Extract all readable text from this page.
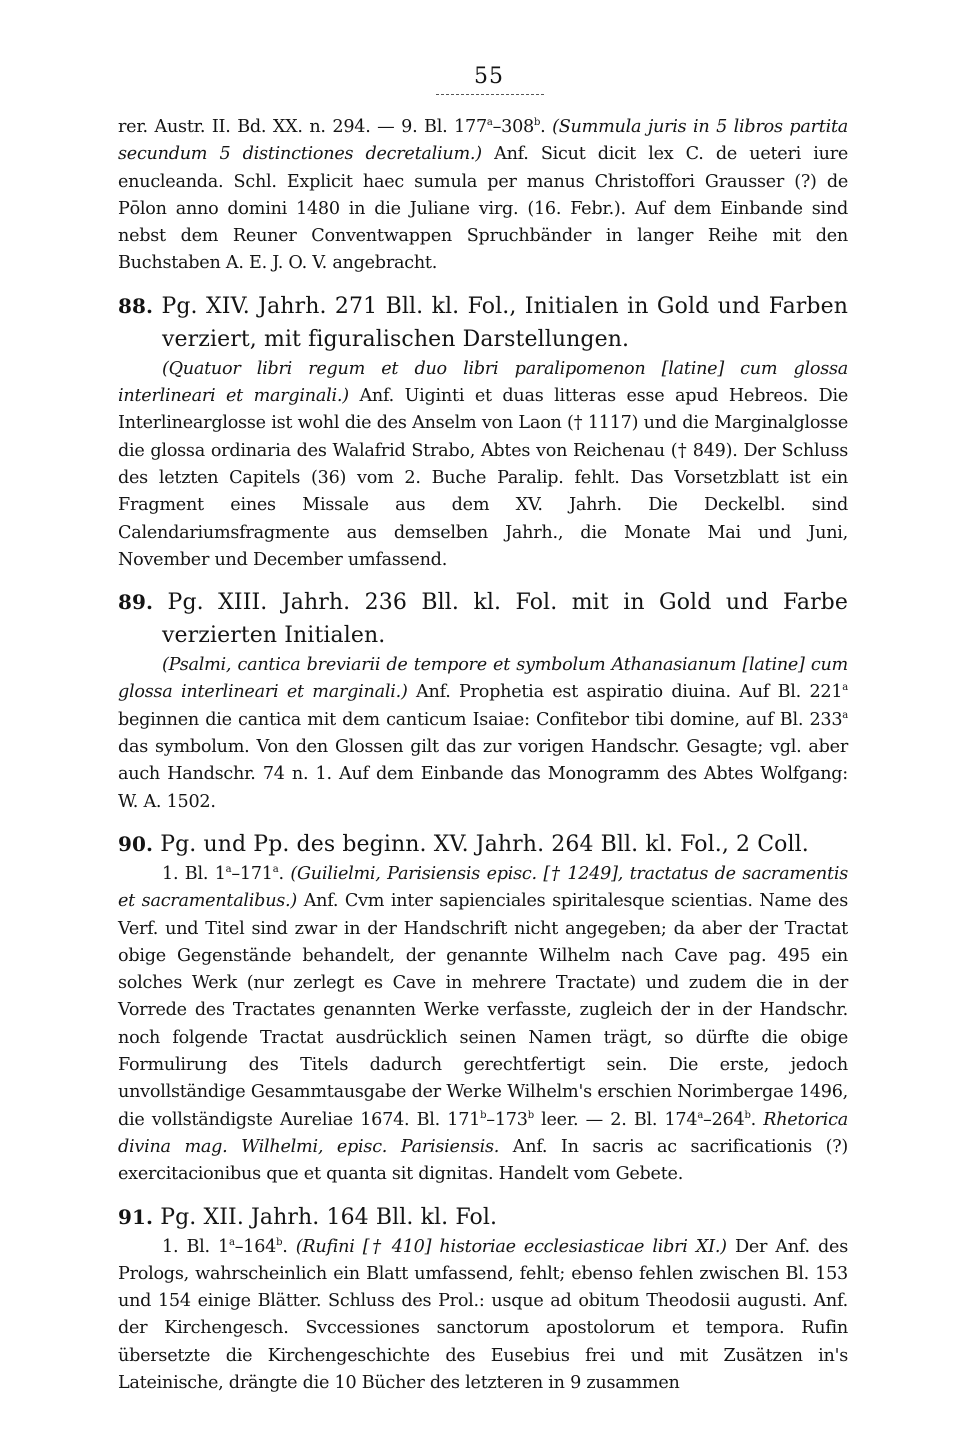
55

rer. Austr. II. Bd. XX. n. 294. — 9. Bl. 177$^a$–308$^b$. (Summula juris in 5 libros partita secundum 5 distinctiones decretalium.) Anf. Sicut dicit lex C. de ueteri iure enucleanda. Schl. Explicit haec sumula per manus Christoffori Grausser (?) de Pōlon anno domini 1480 in die Juliane virg. (16. Febr.). Auf dem Einbande sind nebst dem Reuner Conventwappen Spruchbänder in langer Reihe mit den Buchstaben A. E. J. O. V. angebracht.

88. Pg. XIV. Jahrh. 271 Bll. kl. Fol., Initialen in Gold und Farben verziert, mit figuralischen Darstellungen.

(Quatuor libri regum et duo libri paralipomenon [latine] cum glossa interlineari et marginali.) Anf. Uiginti et duas litteras esse apud Hebreos. Die Interlinearglosse ist wohl die des Anselm von Laon († 1117) und die Marginalglosse die glossa ordinaria des Walafrid Strabo, Abtes von Reichenau († 849). Der Schluss des letzten Capitels (36) vom 2. Buche Paralip. fehlt. Das Vorsetzblatt ist ein Fragment eines Missale aus dem XV. Jahrh. Die Deckelbl. sind Calendariumsfragmente aus demselben Jahrh., die Monate Mai und Juni, November und December umfassend.

89. Pg. XIII. Jahrh. 236 Bll. kl. Fol. mit in Gold und Farbe verzierten Initialen.

(Psalmi, cantica breviarii de tempore et symbolum Athanasianum [latine] cum glossa interlineari et marginali.) Anf. Prophetia est aspiratio diuina. Auf Bl. 221$^a$ beginnen die cantica mit dem canticum Isaiae: Confitebor tibi domine, auf Bl. 233$^a$ das symbolum. Von den Glossen gilt das zur vorigen Handschr. Gesagte; vgl. aber auch Handschr. 74 n. 1. Auf dem Einbande das Monogramm des Abtes Wolfgang: W. A. 1502.

90. Pg. und Pp. des beginn. XV. Jahrh. 264 Bll. kl. Fol., 2 Coll.

1. Bl. 1$^a$–171$^a$. (Guilielmi, Parisiensis episc. [† 1249], tractatus de sacramentis et sacramentalibus.) Anf. Cvm inter sapienciales spiritalesque scientias. Name des Verf. und Titel sind zwar in der Handschrift nicht angegeben; da aber der Tractat obige Gegenstände behandelt, der genannte Wilhelm nach Cave pag. 495 ein solches Werk (nur zerlegt es Cave in mehrere Tractate) und zudem die in der Vorrede des Tractates genannten Werke verfasste, zugleich der in der Handschr. noch folgende Tractat ausdrücklich seinen Namen trägt, so dürfte die obige Formulirung des Titels dadurch gerechtfertigt sein. Die erste, jedoch unvollständige Gesammtausgabe der Werke Wilhelm's erschien Norimbergae 1496, die vollständigste Aureliae 1674. Bl. 171$^b$–173$^b$ leer. — 2. Bl. 174$^a$–264$^b$. Rhetorica divina mag. Wilhelmi, episc. Parisiensis. Anf. In sacris ac sacrificationis (?) exercitacionibus que et quanta sit dignitas. Handelt vom Gebete.

91. Pg. XII. Jahrh. 164 Bll. kl. Fol.

1. Bl. 1$^a$–164$^b$. (Rufini [† 410] historiae ecclesiasticae libri XI.) Der Anf. des Prologs, wahrscheinlich ein Blatt umfassend, fehlt; ebenso fehlen zwischen Bl. 153 und 154 einige Blätter. Schluss des Prol.: usque ad obitum Theodosii augusti. Anf. der Kirchengesch. Svccessiones sanctorum apostolorum et tempora. Rufin übersetzte die Kirchengeschichte des Eusebius frei und mit Zusätzen in's Lateinische, drängte die 10 Bücher des letzteren in 9 zusammen
